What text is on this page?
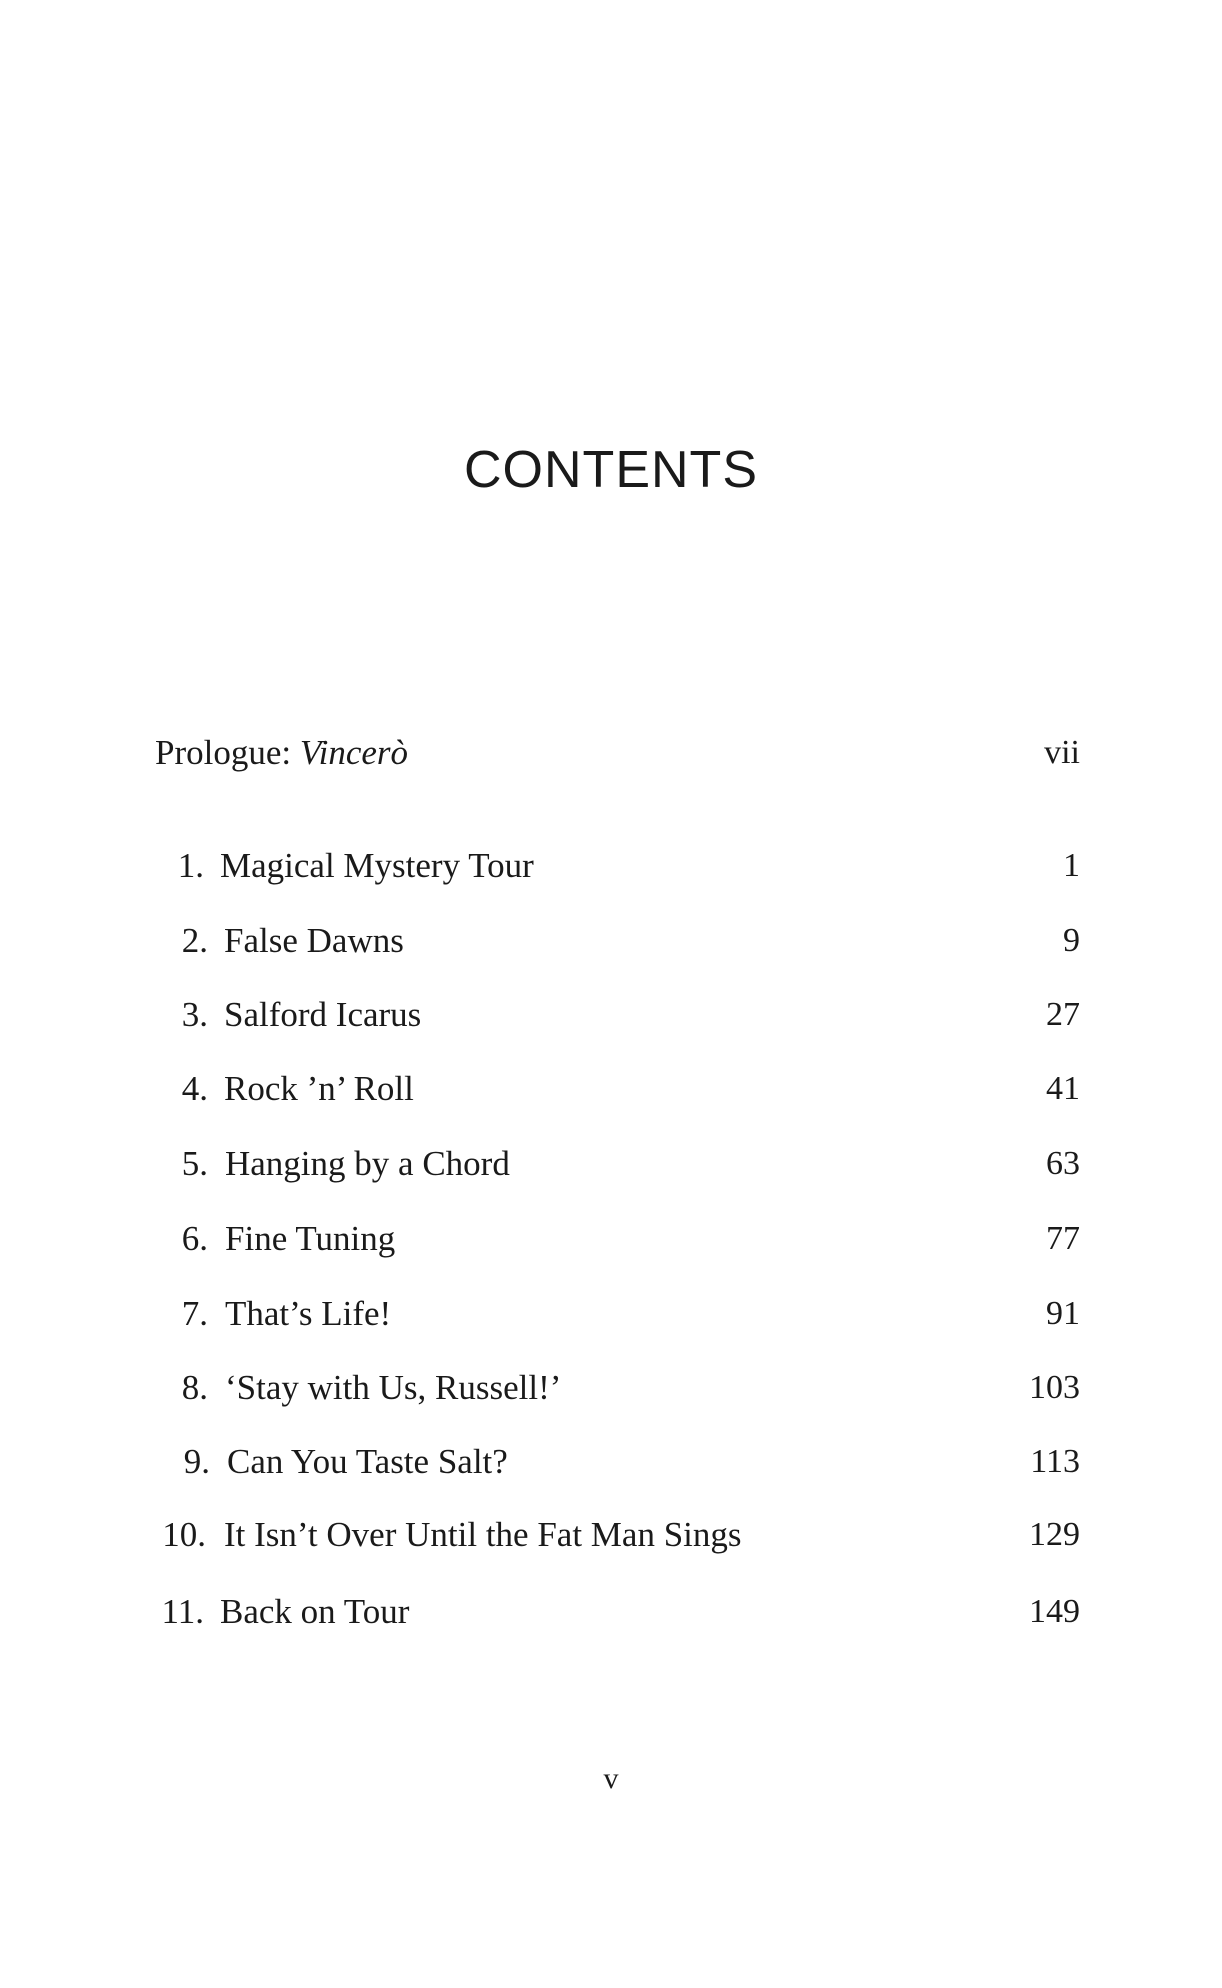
CONTENTS
Prologue: Vincerò	vii
1. Magical Mystery Tour	1
2. False Dawns	9
3. Salford Icarus	27
4. Rock ’n’ Roll	41
5. Hanging by a Chord	63
6. Fine Tuning	77
7. That’s Life!	91
8. ‘Stay with Us, Russell!’	103
9. Can You Taste Salt?	113
10. It Isn’t Over Until the Fat Man Sings	129
11. Back on Tour	149
v
